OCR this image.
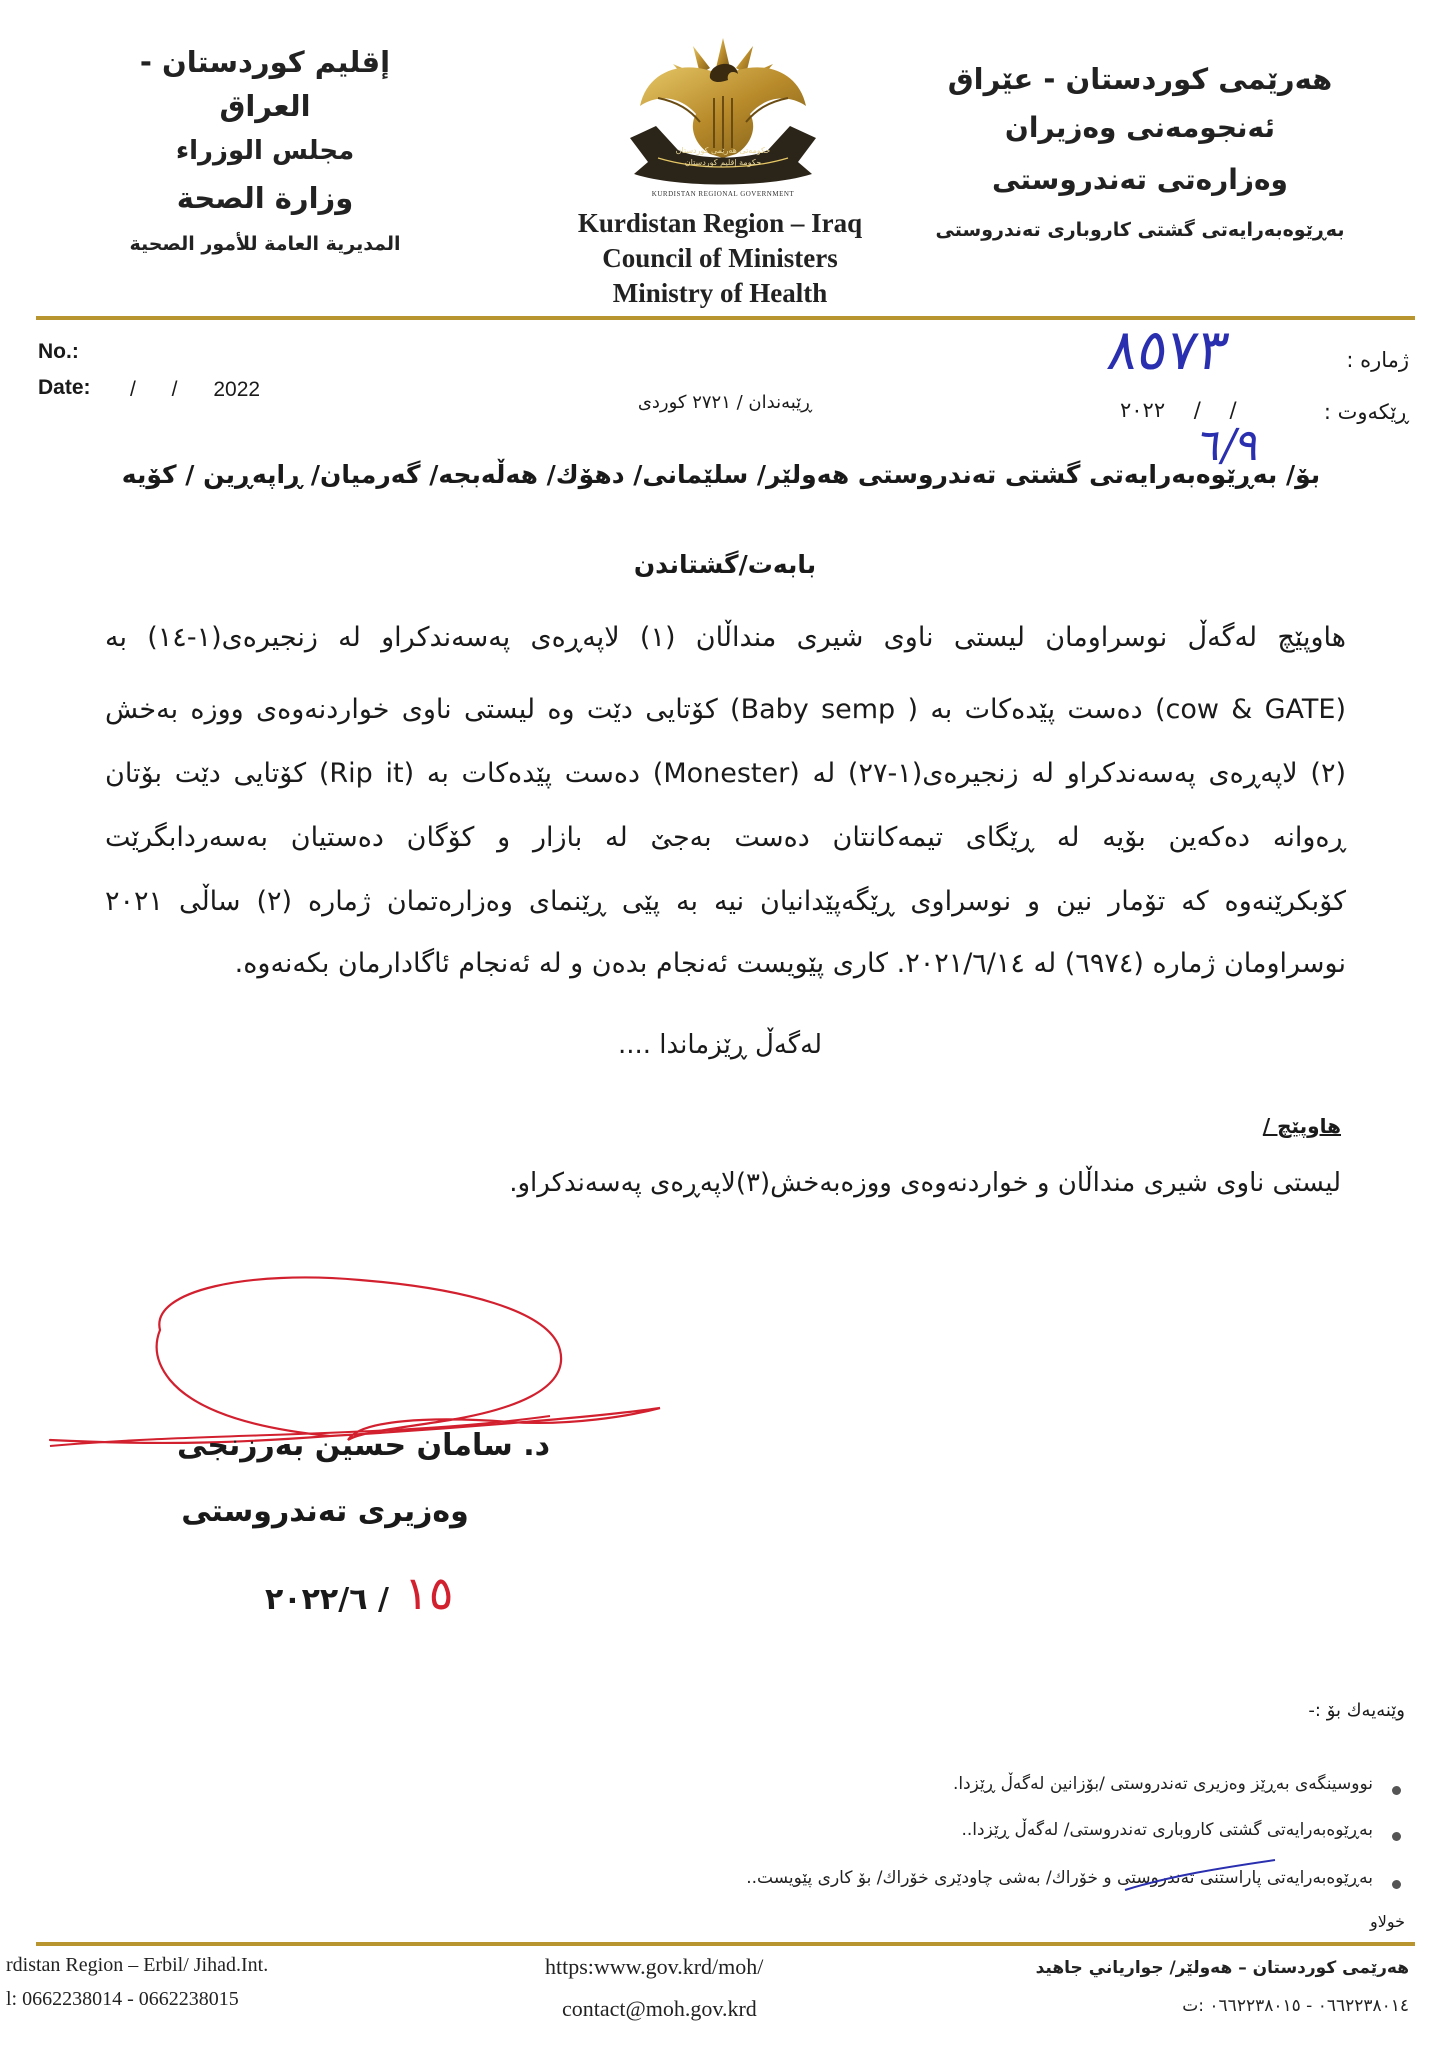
إقليم كوردستان - العراق
مجلس الوزراء
وزارة الصحة
المديرية العامة للأمور الصحية
هەرێمی كوردستان - عێراق
ئەنجومەنی وەزیران
وەزارەتی تەندروستی
بەڕێوەبەرایەتی گشتی كاروباری تەندروستی
حكومەتی هەرێمی كوردستان
حكومة إقليم كوردستان
KURDISTAN REGIONAL GOVERNMENT
Kurdistan Region – Iraq
Council of Ministers
Ministry of Health
No.:
Date: / / 2022
ڕێبەندان / ٢٧٢١ كوردی
ژمارە :
٨٥٧٣
ڕێكەوت :
/ / ٢٠٢٢
٦/٩
بۆ/ بەڕێوەبەرایەتی گشتی تەندروستی هەولێر/ سلێمانی/ دهۆك/ هەڵەبجە/ گەرمیان/ ڕاپەڕین / كۆیە
بابەت/گشتاندن
هاوپێچ لەگەڵ نوسراومان لیستی ناوی شیری منداڵان (١) لاپەڕەی پەسەندكراو لە زنجیرەی(١-١٤) بە
(cow & GATE) دەست پێدەكات بە ( Baby semp) كۆتایی دێت وە لیستی ناوی خواردنەوەی ووزە بەخش
(٢) لاپەڕەی پەسەندكراو لە زنجیرەی(١-٢٧) لە (Monester) دەست پێدەكات بە (Rip it) كۆتایی دێت بۆتان
ڕەوانە دەكەین بۆیە لە ڕێگای تیمەكانتان دەست بەجێ لە بازار و كۆگان دەستیان بەسەردابگرێت
كۆبكرێنەوە كە تۆمار نین و نوسراوی ڕێگەپێدانیان نیە بە پێی ڕێنمای وەزارەتمان ژمارە (٢) ساڵی ٢٠٢١
نوسراومان ژمارە (٦٩٧٤) لە ٢٠٢١/٦/١٤. كاری پێویست ئەنجام بدەن و لە ئەنجام ئاگادارمان بكەنەوە.
لەگەڵ ڕێزماندا ....
هاوپێچ /
لیستی ناوی شیری منداڵان و خواردنەوەی ووزەبەخش(٣)لاپەڕەی پەسەندكراو.
د. سامان حسین بەرزنجی
وەزیری تەندروستی
٢٠٢٢/٦ / ١٥
وێنەیەك بۆ :-
نووسینگەی بەڕێز وەزیری تەندروستی /بۆزانین لەگەڵ ڕێزدا.
بەڕێوەبەرایەتی گشتی كاروباری تەندروستی/ لەگەڵ ڕێزدا..
بەڕێوەبەرایەتی پاراستنی تەندروستی و خۆراك/ بەشی چاودێری خۆراك/ بۆ كاری پێویست..
خولاو
rdistan Region – Erbil/ Jihad.Int.
l: 0662238014 - 0662238015
https:www.gov.krd/moh/
contact@moh.gov.krd
هەرێمی كوردستان – هەولێر/ جوارياني جاهيد
٠٦٦٢٢٣٨٠١٤ - ٠٦٦٢٢٣٨٠١٥ :ت
